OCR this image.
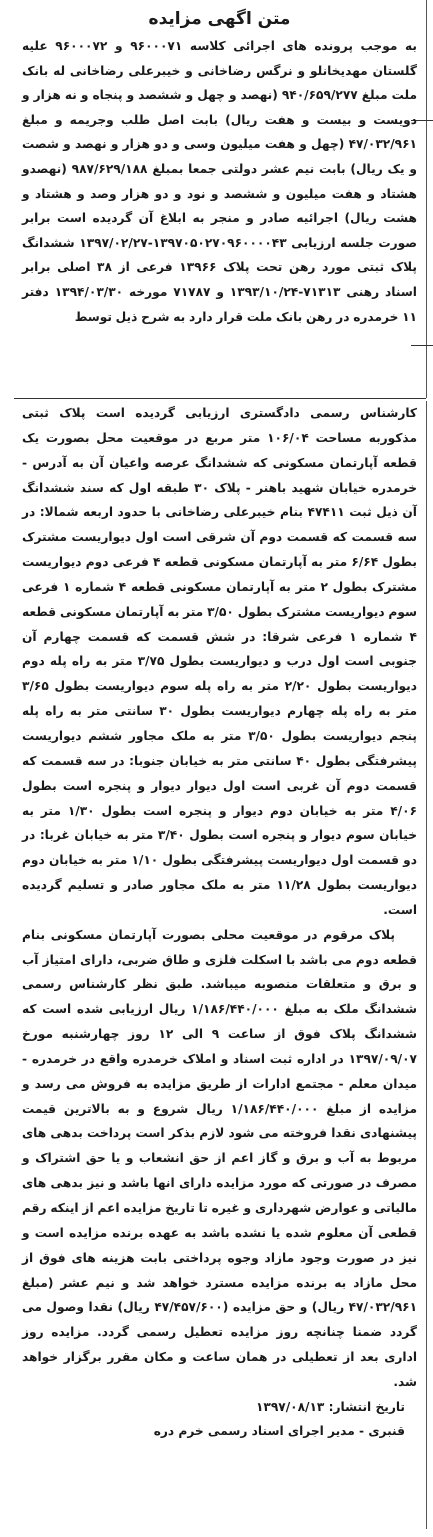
متن اگهی مزایده

به موجب پرونده های اجرائی کلاسه ۹۶۰۰۰۷۱ و ۹۶۰۰۰۷۲ علیه گلستان مهدیخانلو و نرگس رضاخانی و خیبرعلی رضاخانی له بانک ملت مبلغ ۹۴۰/۶۵۹/۲۷۷ (نهصد و چهل و ششصد و پنجاه و نه هزار و دویست و بیست و هفت ریال) بابت اصل طلب وجریمه و مبلغ ۴۷/۰۳۲/۹۶۱ (چهل و هفت میلیون وسی و دو هزار و نهصد و شصت و یک ریال) بابت نیم عشر دولتی جمعا بمبلغ ۹۸۷/۶۲۹/۱۸۸ (نهصدو هشتاد و هفت میلیون و ششصد و نود و دو هزار وصد و هشتاد و هشت ریال) اجرائیه صادر و منجر به ابلاغ آن گردیده است برابر صورت جلسه ارزیابی ۱۳۹۷۰۵۰۲۷۰۹۶۰۰۰۰۴۳-۱۳۹۷/۰۲/۲۷ ششدانگ پلاک ثبتی مورد رهن تحت پلاک ۱۳۹۶۶ فرعی از ۳۸ اصلی برابر اسناد رهنی ۷۱۳۱۳-۱۳۹۳/۱۰/۲۴ و ۷۱۷۸۷ مورخه ۱۳۹۴/۰۳/۳۰ دفتر ۱۱ خرمدره در رهن بانک ملت قرار دارد به شرح ذیل توسط

کارشناس رسمی دادگستری ارزیابی گردیده است پلاک ثبتی مذکوربه مساحت ۱۰۶/۰۴ متر مربع در موقعیت محل بصورت یک قطعه آپارتمان مسکونی که ششدانگ عرصه واعیان آن به آدرس - خرمدره خیابان شهید باهنر - پلاک ۳۰ طبقه اول که سند ششدانگ آن ذیل ثبت ۴۷۴۱۱ بنام خیبرعلی رضاخانی با حدود اربعه شمالا: در سه قسمت که قسمت دوم آن شرقی است اول دیواریست مشترک بطول ۶/۶۴ متر به آپارتمان مسکونی قطعه ۴ فرعی دوم دیواریست مشترک بطول ۲ متر به آپارتمان مسکونی قطعه ۴ شماره ۱ فرعی سوم دیواریست مشترک بطول ۳/۵۰ متر به آپارتمان مسکونی قطعه ۴ شماره ۱ فرعی شرقا: در شش قسمت که قسمت چهارم آن جنوبی است اول درب و دیواریست بطول ۳/۷۵ متر به راه پله دوم دیواریست بطول ۲/۲۰ متر به راه پله سوم دیواریست بطول ۳/۶۵ متر به راه پله چهارم دیواریست بطول ۳۰ سانتی متر به راه پله پنجم دیواریست بطول ۳/۵۰ متر به ملک مجاور ششم دیواریست پیشرفتگی بطول ۴۰ سانتی متر به خیابان جنوبا: در سه قسمت که قسمت دوم آن غربی است اول دیوار دیوار و پنجره است بطول ۴/۰۶ متر به خیابان دوم دیوار و پنجره است بطول ۱/۳۰ متر به خیابان سوم دیوار و پنجره است بطول ۳/۴۰ متر به خیابان غربا: در دو قسمت اول دیواریست پیشرفتگی بطول ۱/۱۰ متر به خیابان دوم دیواریست بطول ۱۱/۲۸ متر به ملک مجاور صادر و تسلیم گردیده است.

پلاک مرقوم در موقعیت محلی بصورت آپارتمان مسکونی بنام قطعه دوم می باشد با اسکلت فلزی و طاق ضربی، دارای امتیاز آب و برق و متعلقات منصوبه میباشد. طبق نظر کارشناس رسمی ششدانگ ملک به مبلغ ۱/۱۸۶/۴۴۰/۰۰۰ ریال ارزیابی شده است که ششدانگ پلاک فوق از ساعت ۹ الی ۱۲ روز چهارشنبه مورخ ۱۳۹۷/۰۹/۰۷ در اداره ثبت اسناد و املاک خرمدره واقع در خرمدره - میدان معلم - مجتمع ادارات از طریق مزایده به فروش می رسد و مزایده از مبلغ ۱/۱۸۶/۴۴۰/۰۰۰ ریال شروع و به بالاترین قیمت پیشنهادی نقدا فروخته می شود لازم بذکر است پرداخت بدهی های مربوط به آب و برق و گاز اعم از حق انشعاب و یا حق اشتراک و مصرف در صورتی که مورد مزایده دارای انها باشد و نیز بدهی های مالیاتی و عوارض شهرداری و غیره تا تاریخ مزایده اعم از اینکه رقم قطعی آن معلوم شده یا نشده باشد به عهده برنده مزایده است و نیز در صورت وجود مازاد وجوه پرداختی بابت هزینه های فوق از محل مازاد به برنده مزایده مسترد خواهد شد و نیم عشر (مبلغ ۴۷/۰۳۲/۹۶۱ ریال) و حق مزایده (۴۷/۴۵۷/۶۰۰ ریال) نقدا وصول می گردد ضمنا چنانچه روز مزایده تعطیل رسمی گردد. مزایده روز اداری بعد از تعطیلی در همان ساعت و مکان مقرر برگزار خواهد شد.

تاریخ انتشار: ۱۳۹۷/۰۸/۱۳

قنبری - مدیر اجرای اسناد رسمی خرم دره
